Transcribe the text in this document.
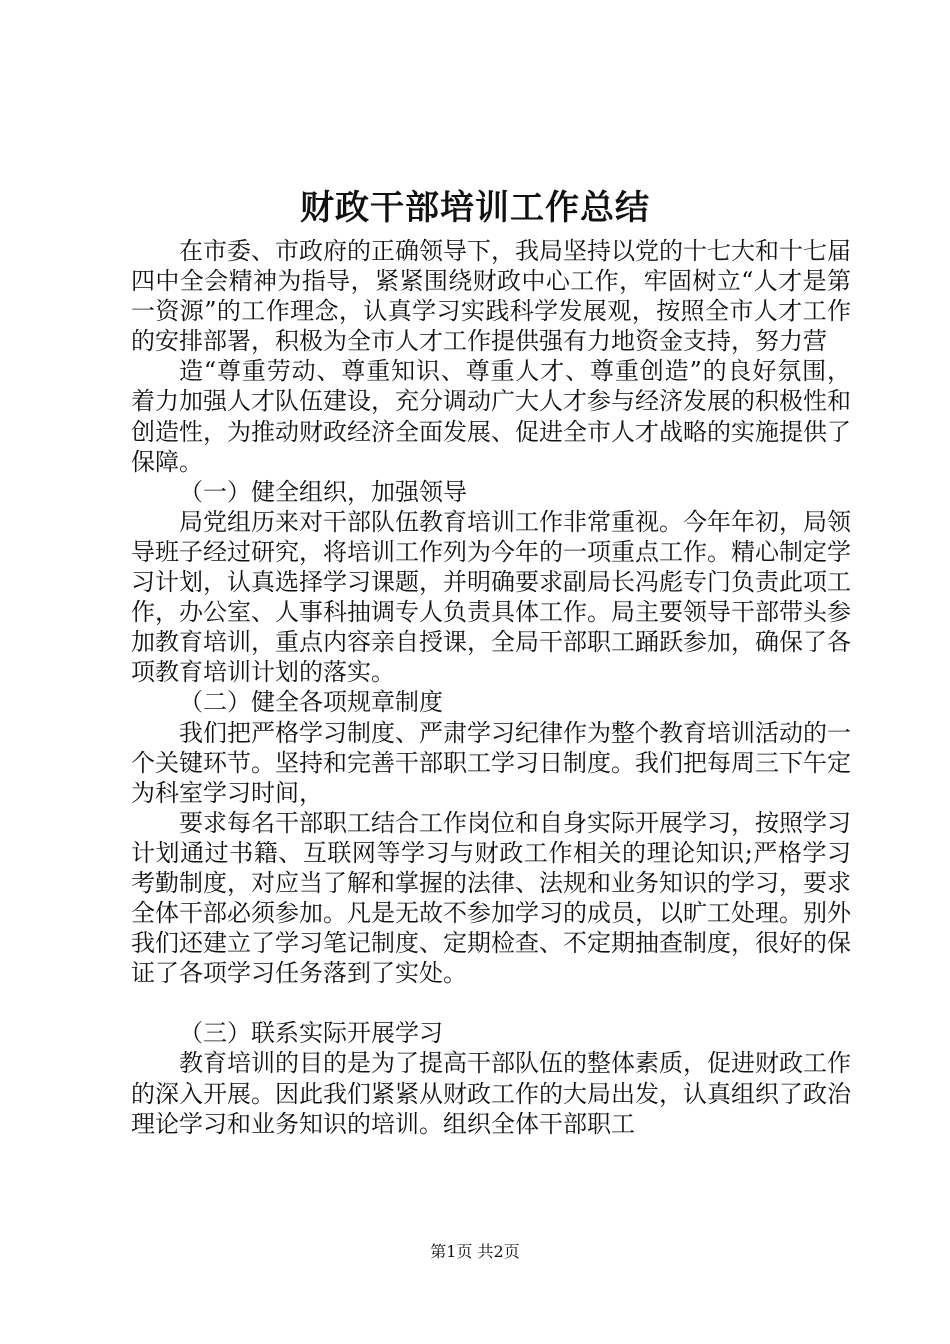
财政干部培训工作总结

在市委、市政府的正确领导下，我局坚持以党的十七大和十七届四中全会精神为指导，紧紧围绕财政中心工作，牢固树立“人才是第一资源”的工作理念，认真学习实践科学发展观，按照全市人才工作的安排部署，积极为全市人才工作提供强有力地资金支持，努力营

造“尊重劳动、尊重知识、尊重人才、尊重创造”的良好氛围，着力加强人才队伍建设，充分调动广大人才参与经济发展的积极性和创造性，为推动财政经济全面发展、促进全市人才战略的实施提供了保障。

（一）健全组织，加强领导

局党组历来对干部队伍教育培训工作非常重视。今年年初，局领导班子经过研究，将培训工作列为今年的一项重点工作。精心制定学习计划，认真选择学习课题，并明确要求副局长冯彪专门负责此项工作，办公室、人事科抽调专人负责具体工作。局主要领导干部带头参加教育培训，重点内容亲自授课，全局干部职工踊跃参加，确保了各项教育培训计划的落实。

（二）健全各项规章制度

我们把严格学习制度、严肃学习纪律作为整个教育培训活动的一个关键环节。坚持和完善干部职工学习日制度。我们把每周三下午定为科室学习时间，

要求每名干部职工结合工作岗位和自身实际开展学习，按照学习计划通过书籍、互联网等学习与财政工作相关的理论知识;严格学习考勤制度，对应当了解和掌握的法律、法规和业务知识的学习，要求全体干部必须参加。凡是无故不参加学习的成员，以旷工处理。别外我们还建立了学习笔记制度、定期检查、不定期抽查制度，很好的保证了各项学习任务落到了实处。

（三）联系实际开展学习

教育培训的目的是为了提高干部队伍的整体素质，促进财政工作的深入开展。因此我们紧紧从财政工作的大局出发，认真组织了政治理论学习和业务知识的培训。组织全体干部职工

第1页 共2页
